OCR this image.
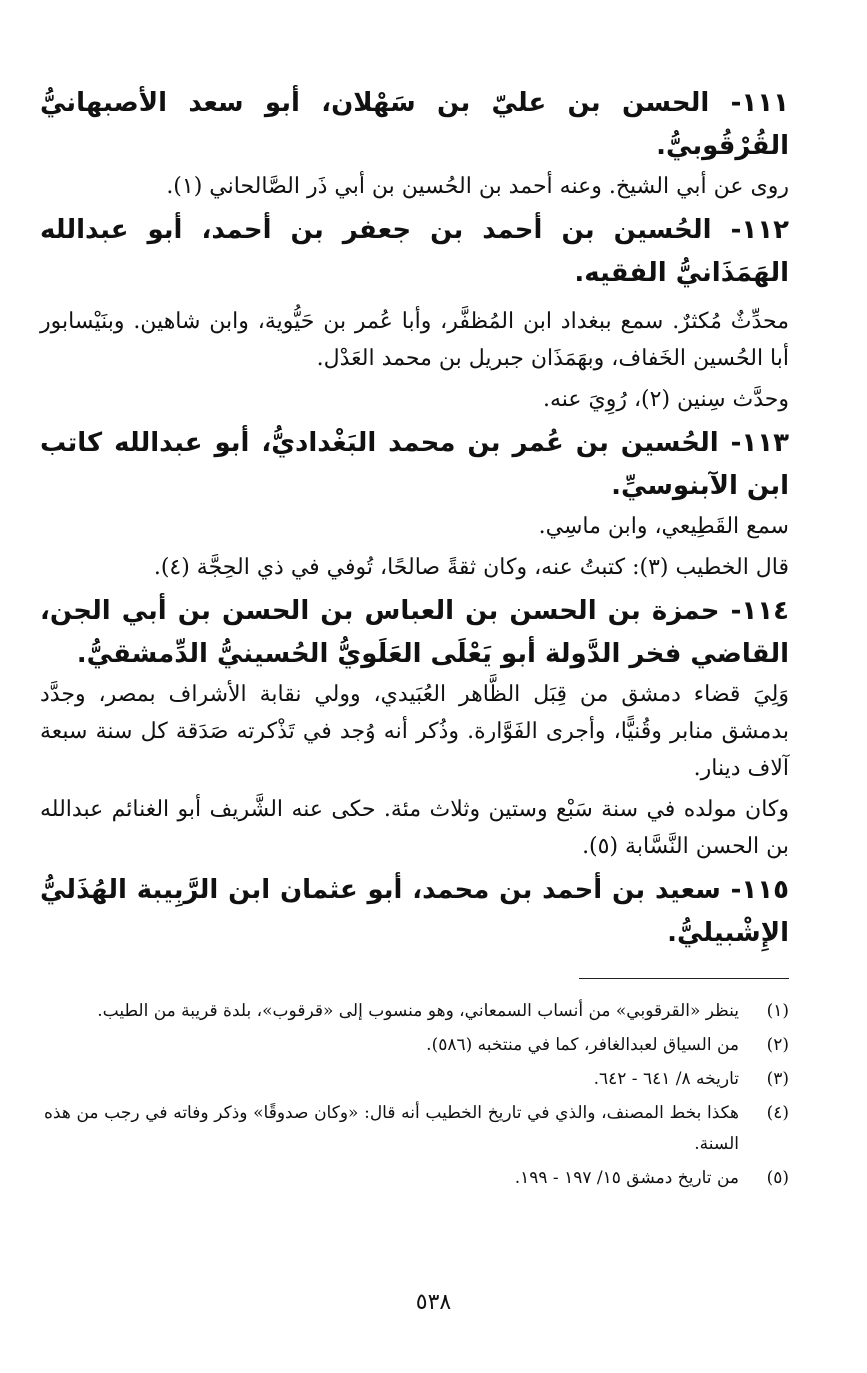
١١١- الحسن بن عليّ بن سَهْلان، أبو سعد الأصبهانيُّ القُرْقُوبيُّ.

روى عن أبي الشيخ. وعنه أحمد بن الحُسين بن أبي ذَر الصَّالحاني (١).

١١٢- الحُسين بن أحمد بن جعفر بن أحمد، أبو عبدالله الهَمَذَانيُّ الفقيه.

محدِّثٌ مُكثرٌ. سمع ببغداد ابن المُظفَّر، وأبا عُمر بن حَيُّوية، وابن شاهين. وبنَيْسابور أبا الحُسين الخَفاف، وبهَمَذَان جبريل بن محمد العَدْل.

وحدَّث سِنين (٢)، رُوِيَ عنه.

١١٣- الحُسين بن عُمر بن محمد البَغْداديُّ، أبو عبدالله كاتب ابن الآبنوسيِّ.

سمع القَطِيعي، وابن ماسِي.

قال الخطيب (٣): كتبتُ عنه، وكان ثقةً صالحًا، تُوفي في ذي الحِجَّة (٤).

١١٤- حمزة بن الحسن بن العباس بن الحسن بن أبي الجن، القاضي فخر الدَّولة أبو يَعْلَى العَلَويُّ الحُسينيُّ الدِّمشقيُّ.

وَلِيَ قضاء دمشق من قِبَل الظَّاهر العُبَيدي، وولي نقابة الأشراف بمصر، وجدَّد بدمشق منابر وقُنيًّا، وأجرى الفَوَّارة. وذُكر أنه وُجد في تَذْكرته صَدَقة كل سنة سبعة آلاف دينار.

وكان مولده في سنة سَبْع وستين وثلاث مئة. حكى عنه الشَّريف أبو الغنائم عبدالله بن الحسن النَّسَّابة (٥).

١١٥- سعيد بن أحمد بن محمد، أبو عثمان ابن الرَّبِيبة الهُذَليُّ الإِشْبيليُّ.

(١)
ينظر «القرقوبي» من أنساب السمعاني، وهو منسوب إلى «قرقوب»، بلدة قريبة من الطيب.
(٢)
من السياق لعبدالغافر، كما في منتخبه (٥٨٦).
(٣)
تاريخه ٨/ ٦٤١ - ٦٤٢.
(٤)
هكذا بخط المصنف، والذي في تاريخ الخطيب أنه قال: «وكان صدوقًا» وذكر وفاته في رجب من هذه السنة.
(٥)
من تاريخ دمشق ١٥/ ١٩٧ - ١٩٩.
٥٣٨
